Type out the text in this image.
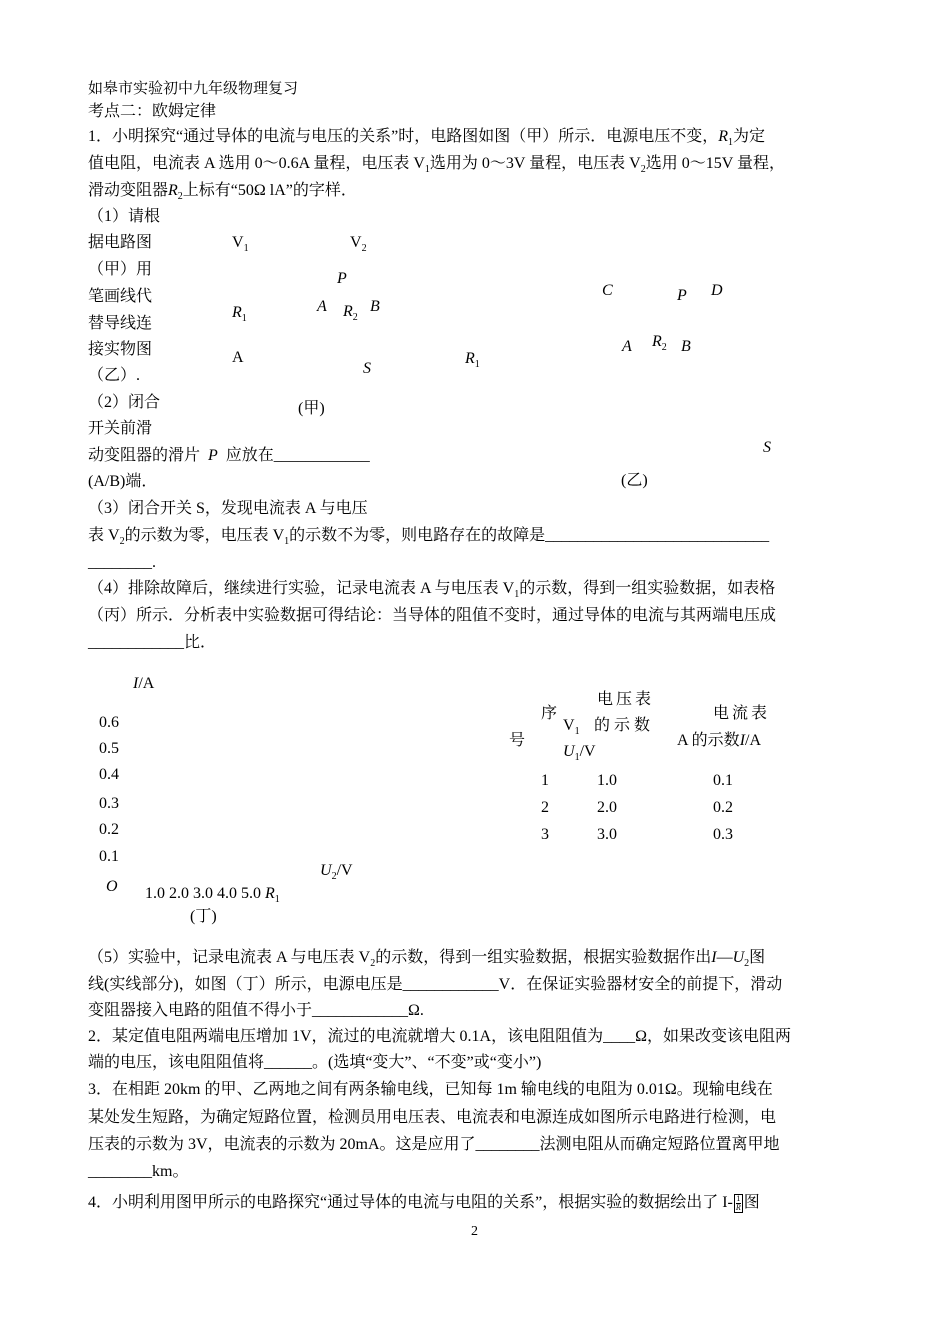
如皋市实验初中九年级物理复习
考点二：欧姆定律
1．小明探究“通过导体的电流与电压的关系”时，电路图如图（甲）所示．电源电压不变，$R_1$为定
值电阻，电流表 A 选用 0～0.6A 量程，电压表 $V_1$选用为 0～3V 量程，电压表 $V_2$选用 0～15V 量程，
滑动变阻器$R_2$上标有“50Ω lA”的字样．
（1）请根
据电路图
（甲）用
笔画线代
替导线连
接实物图
（乙）.
（2）闭合
开关前滑
动变阻器的滑片 P 应放在____________
(A/B)端．
$V_1$	$V_2$
P
A $R_2$
B
$R_1$
A
S
(甲)
C	P D
A $R_2$ B
$R_1$
S
(乙)
（3）闭合开关 S，发现电流表 A 与电压
表 $V_2$的示数为零，电压表 $V_1$的示数不为零，则电路存在的故障是____________________________
________.
（4）排除故障后，继续进行实验，记录电流表 A 与电压表 $V_1$的示数，得到一组实验数据，如表格
（丙）所示．分析表中实验数据可得结论：当导体的阻值不变时，通过导体的电流与其两端电压成
____________比．
I/A
0.6
0.5
0.4
0.3
0.2
0.1
O
$U_2/V$
1.0 2.0 3.0 4.0 5.0 $R_1$
(丁)
序
号
电压表
$V_1$ 的示数
$U_1/V$
电流表
A 的示数I/A
1	1.0	0.1
2	2.0	0.2
3	3.0	0.3
（5）实验中，记录电流表 A 与电压表 $V_2$的示数，得到一组实验数据，根据实验数据作出$I—U_2$图
线(实线部分)，如图（丁）所示，电源电压是____________V．在保证实验器材安全的前提下，滑动
变阻器接入电路的阻值不得小于____________Ω.
2．某定值电阻两端电压增加 1V，流过的电流就增大 0.1A，该电阻阻值为____Ω，如果改变该电阻两
端的电压，该电阻阻值将______。(选填“变大”、“不变”或“变小”)
3．在相距 20km 的甲、乙两地之间有两条输电线，已知每 1m 输电线的电阻为 0.01Ω。现输电线在
某处发生短路，为确定短路位置，检测员用电压表、电流表和电源连成如图所示电路进行检测，电
压表的示数为 3V，电流表的示数为 20mA。这是应用了________法测电阻从而确定短路位置离甲地
________km。
4．小明利用图甲所示的电路探究“通过导体的电流与电阻的关系”，根据实验的数据绘出了 $I- \frac{1}{R}$ 图
2
